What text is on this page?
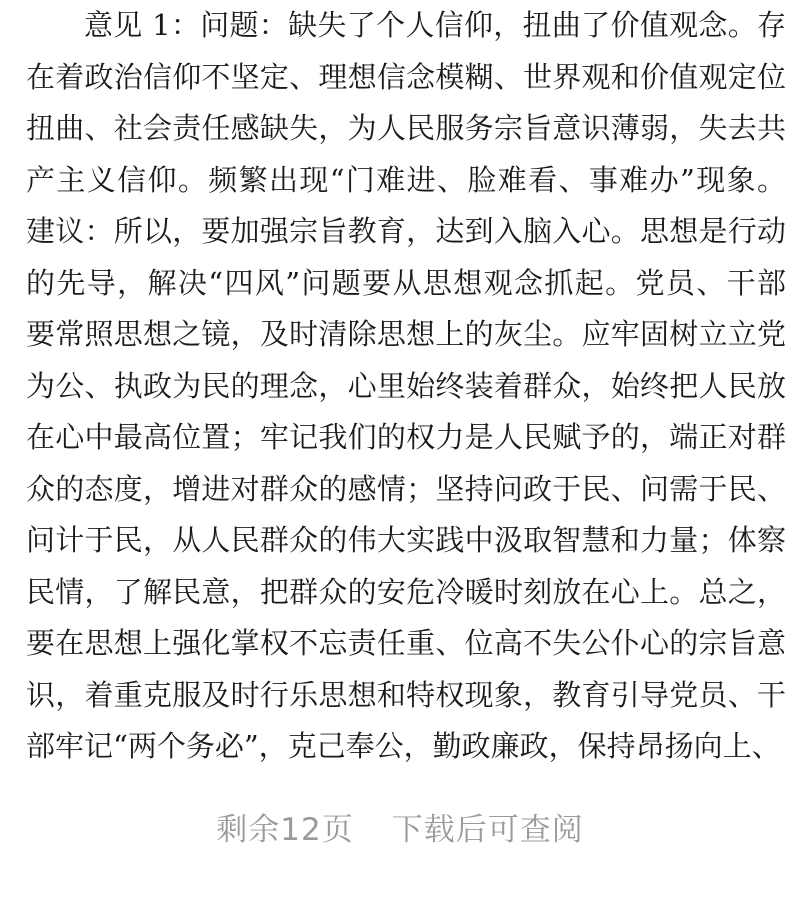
意见 1：问题：缺失了个人信仰，扭曲了价值观念。存
在着政治信仰不坚定、理想信念模糊、世界观和价值观定位
扭曲、社会责任感缺失，为人民服务宗旨意识薄弱，失去共
产主义信仰。频繁出现“门难进、脸难看、事难办”现象。
建议：所以，要加强宗旨教育，达到入脑入心。思想是行动
的先导，解决“四风”问题要从思想观念抓起。党员、干部
要常照思想之镜，及时清除思想上的灰尘。应牢固树立立党
为公、执政为民的理念，心里始终装着群众，始终把人民放
在心中最高位置；牢记我们的权力是人民赋予的，端正对群
众的态度，增进对群众的感情；坚持问政于民、问需于民、
问计于民，从人民群众的伟大实践中汲取智慧和力量；体察
民情，了解民意，把群众的安危冷暖时刻放在心上。总之，
要在思想上强化掌权不忘责任重、位高不失公仆心的宗旨意
识，着重克服及时行乐思想和特权现象，教育引导党员、干
部牢记“两个务必”，克己奉公，勤政廉政，保持昂扬向上、
剩余12页 下载后可查阅
